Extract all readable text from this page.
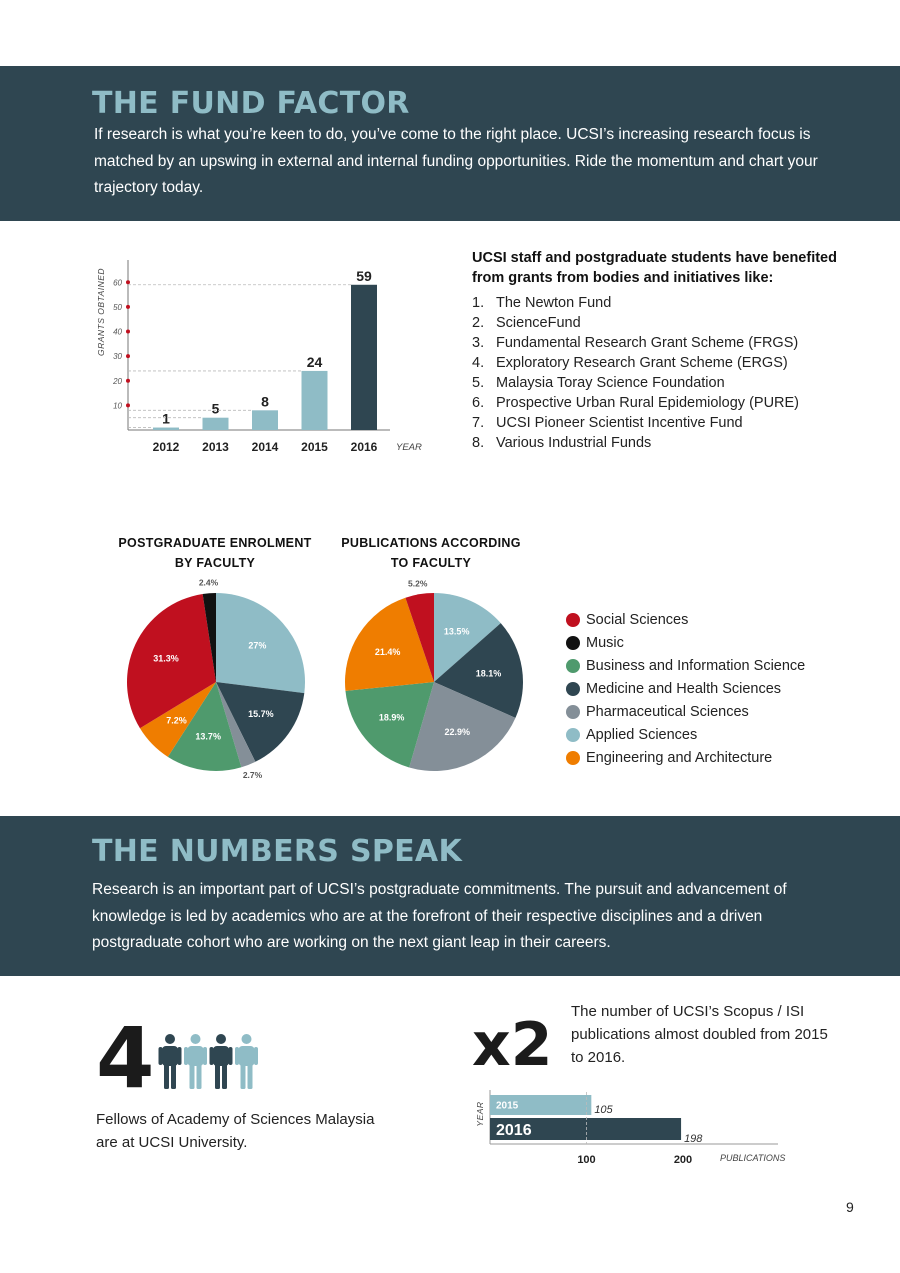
THE FUND FACTOR

If research is what you’re keen to do, you’ve come to the right place. UCSI’s increasing research focus is matched by an upswing in external and internal funding opportunities. Ride the momentum and chart your trajectory today.

10
20
30
40
50
60
GRANTS OBTAINED
1
2012
5
2013
8
2014
24
2015
59
2016 YEAR

UCSI staff and postgraduate students have benefited from grants from bodies and initiatives like:

1. The Newton Fund
2. ScienceFund
3. Fundamental Research Grant Scheme (FRGS)
4. Exploratory Research Grant Scheme (ERGS)
5. Malaysia Toray Science Foundation
6. Prospective Urban Rural Epidemiology (PURE)
7. UCSI Pioneer Scientist Incentive Fund
8. Various Industrial Funds
POSTGRADUATE ENROLMENT
BY FACULTY
PUBLICATIONS ACCORDING
TO FACULTY
27%
15.7%
2.7%
13.7%
7.2%
31.3%
2.4%
13.5%
18.1%
22.9%
18.9%
21.4%
5.2%
Social Sciences
Music
Business and Information Science
Medicine and Health Sciences
Pharmaceutical Sciences
Applied Sciences
Engineering and Architecture
THE NUMBERS SPEAK

Research is an important part of UCSI’s postgraduate commitments. The pursuit and advancement of knowledge is led by academics who are at the forefront of their respective disciplines and a driven postgraduate cohort who are working on the next giant leap in their careers.

4

Fellows of Academy of Sciences Malaysia are at UCSI University.

x2 The number of UCSI’s Scopus / ISI publications almost doubled from 2015 to 2016.

YEAR 2015	105
2016
198
100	200	PUBLICATIONS
9
